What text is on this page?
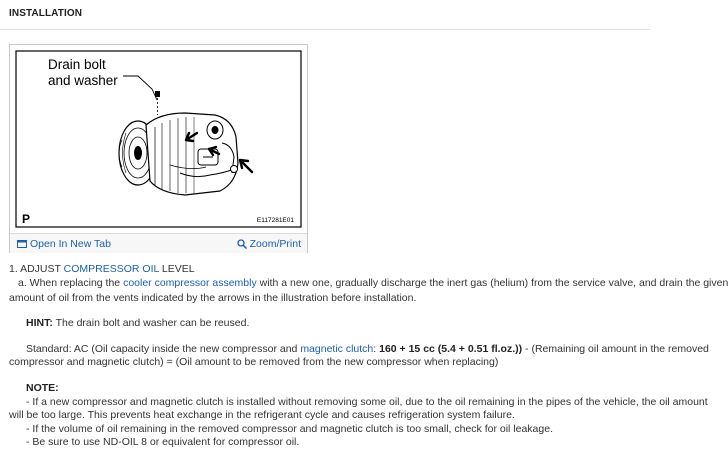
INSTALLATION
Drain bolt
and washer
P	E117281E01
Open In New Tab	Zoom/Print
1. ADJUST COMPRESSOR OIL LEVEL
a. When replacing the cooler compressor assembly with a new one, gradually discharge the inert gas (helium) from the service valve, and drain the given
amount of oil from the vents indicated by the arrows in the illustration before installation.
HINT: The drain bolt and washer can be reused.
Standard: AC (Oil capacity inside the new compressor and magnetic clutch: 160 + 15 cc (5.4 + 0.51 fl.oz.)) - (Remaining oil amount in the removed
compressor and magnetic clutch) = (Oil amount to be removed from the new compressor when replacing)
NOTE:
- If a new compressor and magnetic clutch is installed without removing some oil, due to the oil remaining in the pipes of the vehicle, the oil amount
will be too large. This prevents heat exchange in the refrigerant cycle and causes refrigeration system failure.
- If the volume of oil remaining in the removed compressor and magnetic clutch is too small, check for oil leakage.
- Be sure to use ND-OIL 8 or equivalent for compressor oil.
